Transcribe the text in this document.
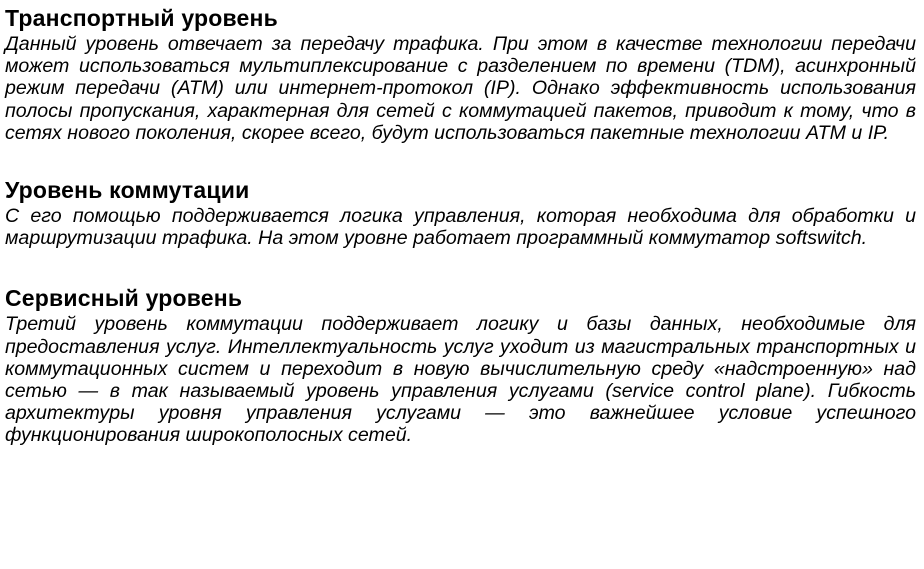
Транспортный уровень

Данный уровень отвечает за передачу трафика. При этом в качестве технологии передачи может использоваться мультиплексирование с разделением по времени (TDM), асинхронный режим передачи (ATM) или интернет-протокол (IP). Однако эффективность использования полосы пропускания, характерная для сетей с коммутацией пакетов, приводит к тому, что в сетях нового поколения, скорее всего, будут использоваться пакетные технологии ATM и IP.

Уровень коммутации

С его помощью поддерживается логика управления, которая необходима для обработки и маршрутизации трафика. На этом уровне работает программный коммутатор softswitch.

Сервисный уровень

Третий уровень коммутации поддерживает логику и базы данных, необходимые для предоставления услуг. Интеллектуальность услуг уходит из магистральных транспортных и коммутационных систем и переходит в новую вычислительную среду «надстроенную» над сетью — в так называемый уровень управления услугами (service control plane). Гибкость архитектуры уровня управления услугами — это важнейшее условие успешного функционирования широкополосных сетей.
